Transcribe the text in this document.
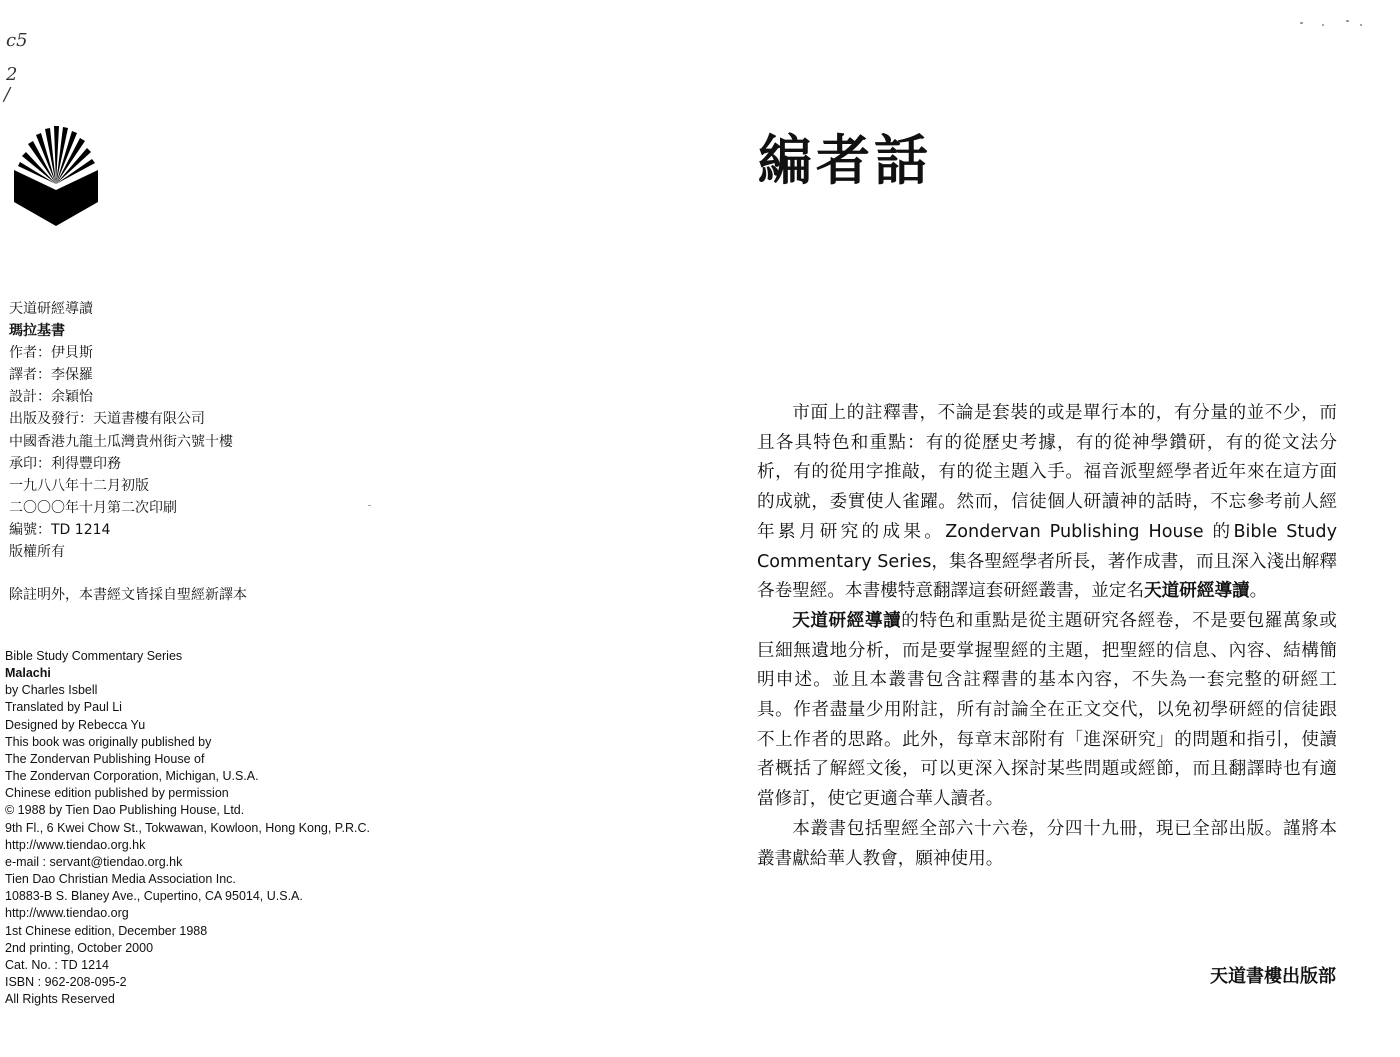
c5
2
/
天道研經導讀
瑪拉基書
作者：伊貝斯
譯者：李保羅
設計：余穎怡
出版及發行：天道書樓有限公司
中國香港九龍土瓜灣貴州街六號十樓
承印：利得豐印務
一九八八年十二月初版
二〇〇〇年十月第二次印刷
編號：TD 1214
版權所有
除註明外，本書經文皆採自聖經新譯本
Bible Study Commentary Series
Malachi
by Charles Isbell
Translated by Paul Li
Designed by Rebecca Yu
This book was originally published by
The Zondervan Publishing House of
The Zondervan Corporation, Michigan, U.S.A.
Chinese edition published by permission
© 1988 by Tien Dao Publishing House, Ltd.
9th Fl., 6 Kwei Chow St., Tokwawan, Kowloon, Hong Kong, P.R.C.
http://www.tiendao.org.hk
e-mail : servant@tiendao.org.hk
Tien Dao Christian Media Association Inc.
10883-B S. Blaney Ave., Cupertino, CA 95014, U.S.A.
http://www.tiendao.org
1st Chinese edition, December 1988
2nd printing, October 2000
Cat. No. : TD 1214
ISBN : 962-208-095-2
All Rights Reserved
編者話

市面上的註釋書，不論是套裝的或是單行本的，有分量的並不少，而且各具特色和重點：有的從歷史考據，有的從神學鑽研，有的從文法分析，有的從用字推敲，有的從主題入手。福音派聖經學者近年來在這方面的成就，委實使人雀躍。然而，信徒個人研讀神的話時，不忘參考前人經年累月研究的成果。Zondervan Publishing House 的Bible Study Commentary Series，集各聖經學者所長，著作成書，而且深入淺出解釋各卷聖經。本書樓特意翻譯這套研經叢書，並定名天道研經導讀。

天道研經導讀的特色和重點是從主題研究各經卷，不是要包羅萬象或巨細無遺地分析，而是要掌握聖經的主題，把聖經的信息、內容、結構簡明申述。並且本叢書包含註釋書的基本內容，不失為一套完整的研經工具。作者盡量少用附註，所有討論全在正文交代，以免初學研經的信徒跟不上作者的思路。此外，每章末部附有「進深研究」的問題和指引，使讀者概括了解經文後，可以更深入探討某些問題或經節，而且翻譯時也有適當修訂，使它更適合華人讀者。

本叢書包括聖經全部六十六卷，分四十九冊，現已全部出版。謹將本叢書獻給華人教會，願神使用。

天道書樓出版部
